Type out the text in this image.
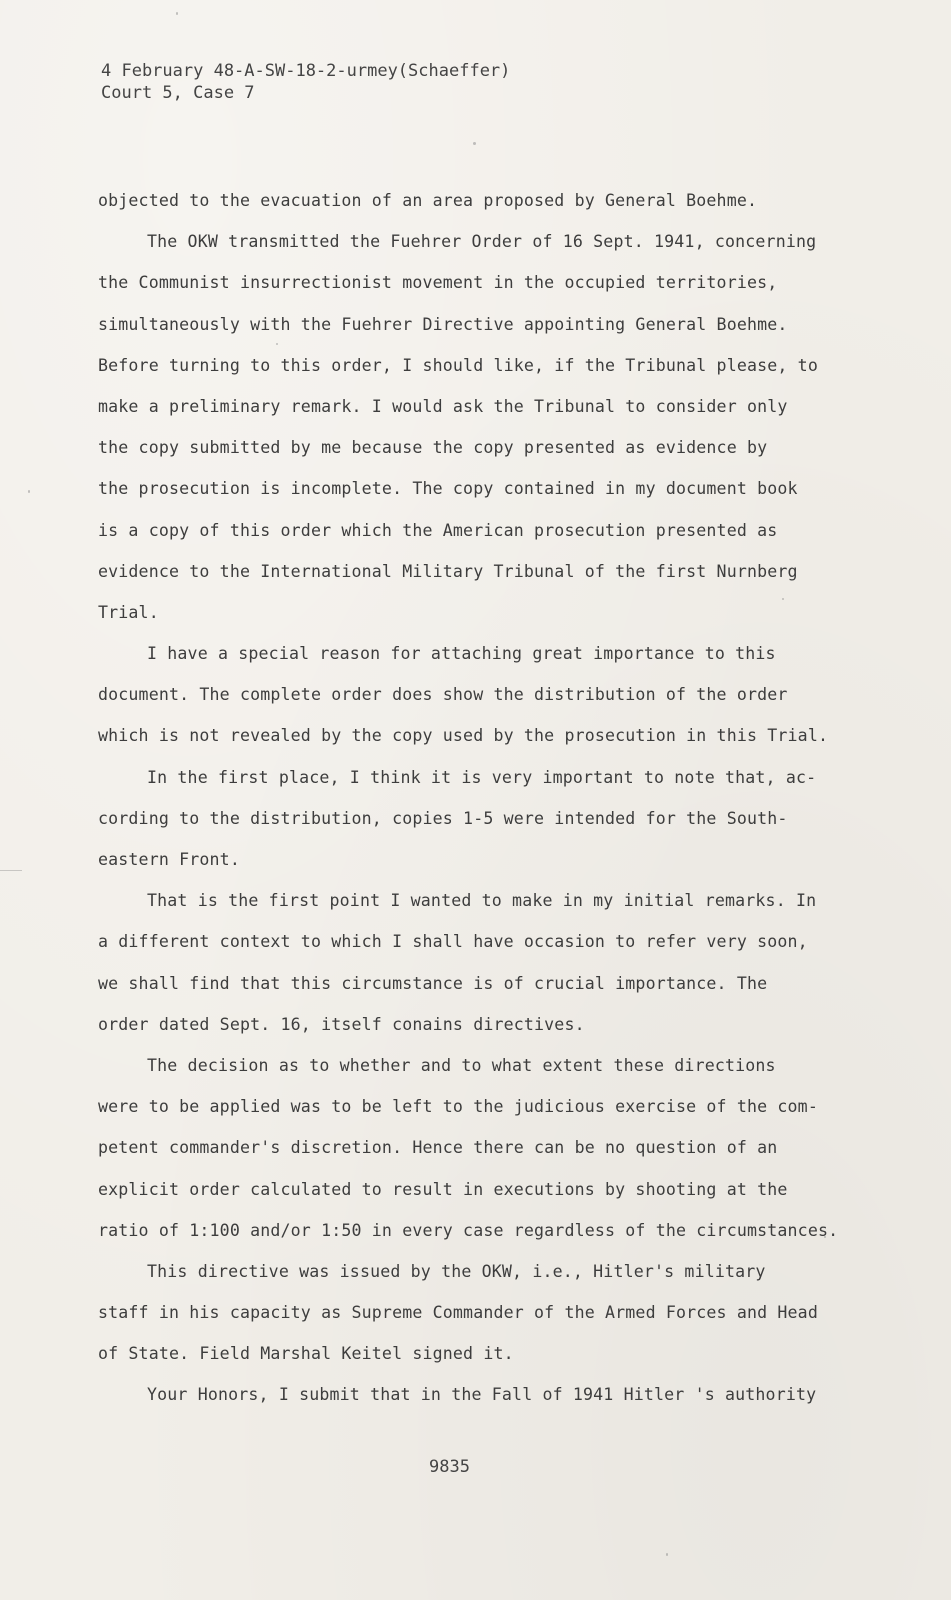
4 February 48-A-SW-18-2-urmey(Schaeffer)
Court 5, Case 7
objected to the evacuation of an area proposed by General Boehme.
The OKW transmitted the Fuehrer Order of 16 Sept. 1941, concerning
the Communist insurrectionist movement in the occupied territories,
simultaneously with the Fuehrer Directive appointing General Boehme.
Before turning to this order, I should like, if the Tribunal please, to
make a preliminary remark. I would ask the Tribunal to consider only
the copy submitted by me because the copy presented as evidence by
the prosecution is incomplete. The copy contained in my document book
is a copy of this order which the American prosecution presented as
evidence to the International Military Tribunal of the first Nurnberg
Trial.
I have a special reason for attaching great importance to this
document. The complete order does show the distribution of the order
which is not revealed by the copy used by the prosecution in this Trial.
In the first place, I think it is very important to note that, ac-
cording to the distribution, copies 1-5 were intended for the South-
eastern Front.
That is the first point I wanted to make in my initial remarks. In
a different context to which I shall have occasion to refer very soon,
we shall find that this circumstance is of crucial importance. The
order dated Sept. 16, itself conains directives.
The decision as to whether and to what extent these directions
were to be applied was to be left to the judicious exercise of the com-
petent commander's discretion. Hence there can be no question of an
explicit order calculated to result in executions by shooting at the
ratio of 1:100 and/or 1:50 in every case regardless of the circumstances.
This directive was issued by the OKW, i.e., Hitler's military
staff in his capacity as Supreme Commander of the Armed Forces and Head
of State. Field Marshal Keitel signed it.
Your Honors, I submit that in the Fall of 1941 Hitler 's authority
9835
